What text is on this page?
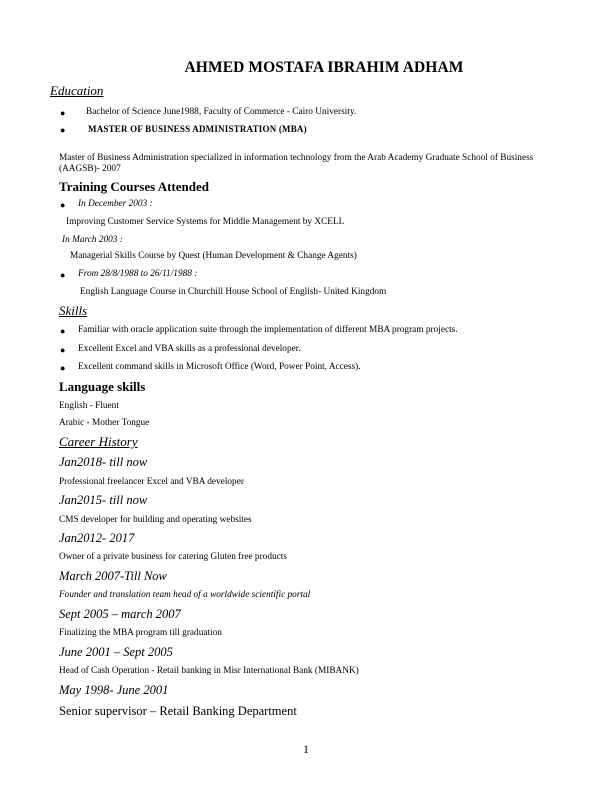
AHMED MOSTAFA IBRAHIM ADHAM
Education
● Bachelor of Science June1988, Faculty of Commerce - Cairo University.
●	MASTER OF BUSINESS ADMINISTRATION (MBA)
Master of Business Administration specialized in information technology from the Arab Academy Graduate School of Business (AAGSB)- 2007
Training Courses Attended
● In December 2003 :
Improving Customer Service Systems for Middle Management by XCELL
In March 2003 :
Managerial Skills Course by Quest (Human Development & Change Agents)
● From 28/8/1988 to 26/11/1988 :
English Language Course in Churchill House School of English- United Kingdom
Skills
● Familiar with oracle application suite through the implementation of different MBA program projects.
● Excellent Excel and VBA skills as a professional developer.
● Excellent command skills in Microsoft Office (Word, Power Point, Access).
Language skills
English - Fluent
Arabic - Mother Tongue
Career History
Jan2018- till now
Professional freelancer Excel and VBA developer
Jan2015- till now
CMS developer for building and operating websites
Jan2012- 2017
Owner of a private business for catering Gluten free products
March 2007-Till Now
Founder and translation team head of a worldwide scientific portal
Sept 2005 – march 2007
Finalizing the MBA program till graduation
June 2001 – Sept 2005
Head of Cash Operation - Retail banking in Misr International Bank (MIBANK)
May 1998- June 2001
Senior supervisor – Retail Banking Department
1
